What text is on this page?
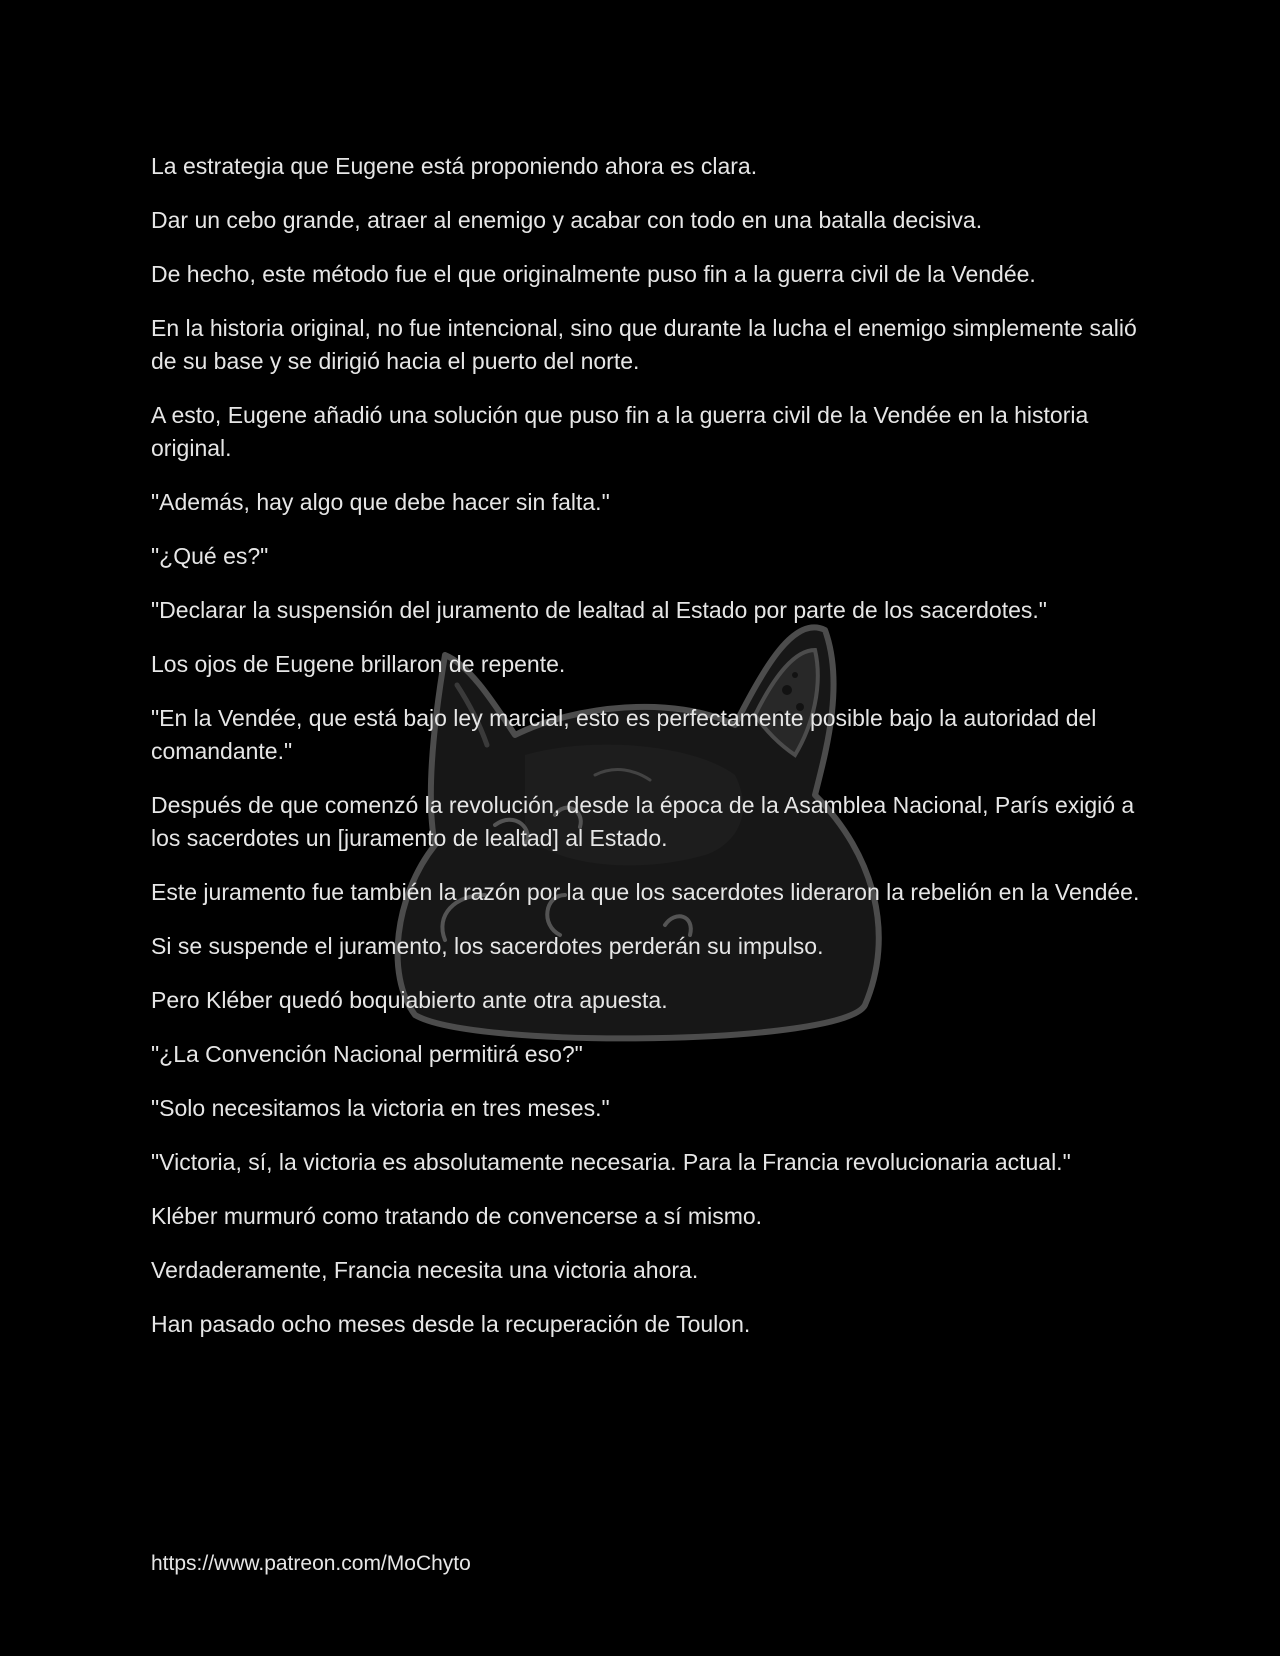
La estrategia que Eugene está proponiendo ahora es clara.

Dar un cebo grande, atraer al enemigo y acabar con todo en una batalla decisiva.

De hecho, este método fue el que originalmente puso fin a la guerra civil de la Vendée.

En la historia original, no fue intencional, sino que durante la lucha el enemigo simplemente salió de su base y se dirigió hacia el puerto del norte.

A esto, Eugene añadió una solución que puso fin a la guerra civil de la Vendée en la historia original.

"Además, hay algo que debe hacer sin falta."

"¿Qué es?"

"Declarar la suspensión del juramento de lealtad al Estado por parte de los sacerdotes."

Los ojos de Eugene brillaron de repente.

"En la Vendée, que está bajo ley marcial, esto es perfectamente posible bajo la autoridad del comandante."

Después de que comenzó la revolución, desde la época de la Asamblea Nacional, París exigió a los sacerdotes un [juramento de lealtad] al Estado.

Este juramento fue también la razón por la que los sacerdotes lideraron la rebelión en la Vendée.

Si se suspende el juramento, los sacerdotes perderán su impulso.

Pero Kléber quedó boquiabierto ante otra apuesta.

"¿La Convención Nacional permitirá eso?"

"Solo necesitamos la victoria en tres meses."

"Victoria, sí, la victoria es absolutamente necesaria. Para la Francia revolucionaria actual."

Kléber murmuró como tratando de convencerse a sí mismo.

Verdaderamente, Francia necesita una victoria ahora.

Han pasado ocho meses desde la recuperación de Toulon.

https://www.patreon.com/MoChyto
